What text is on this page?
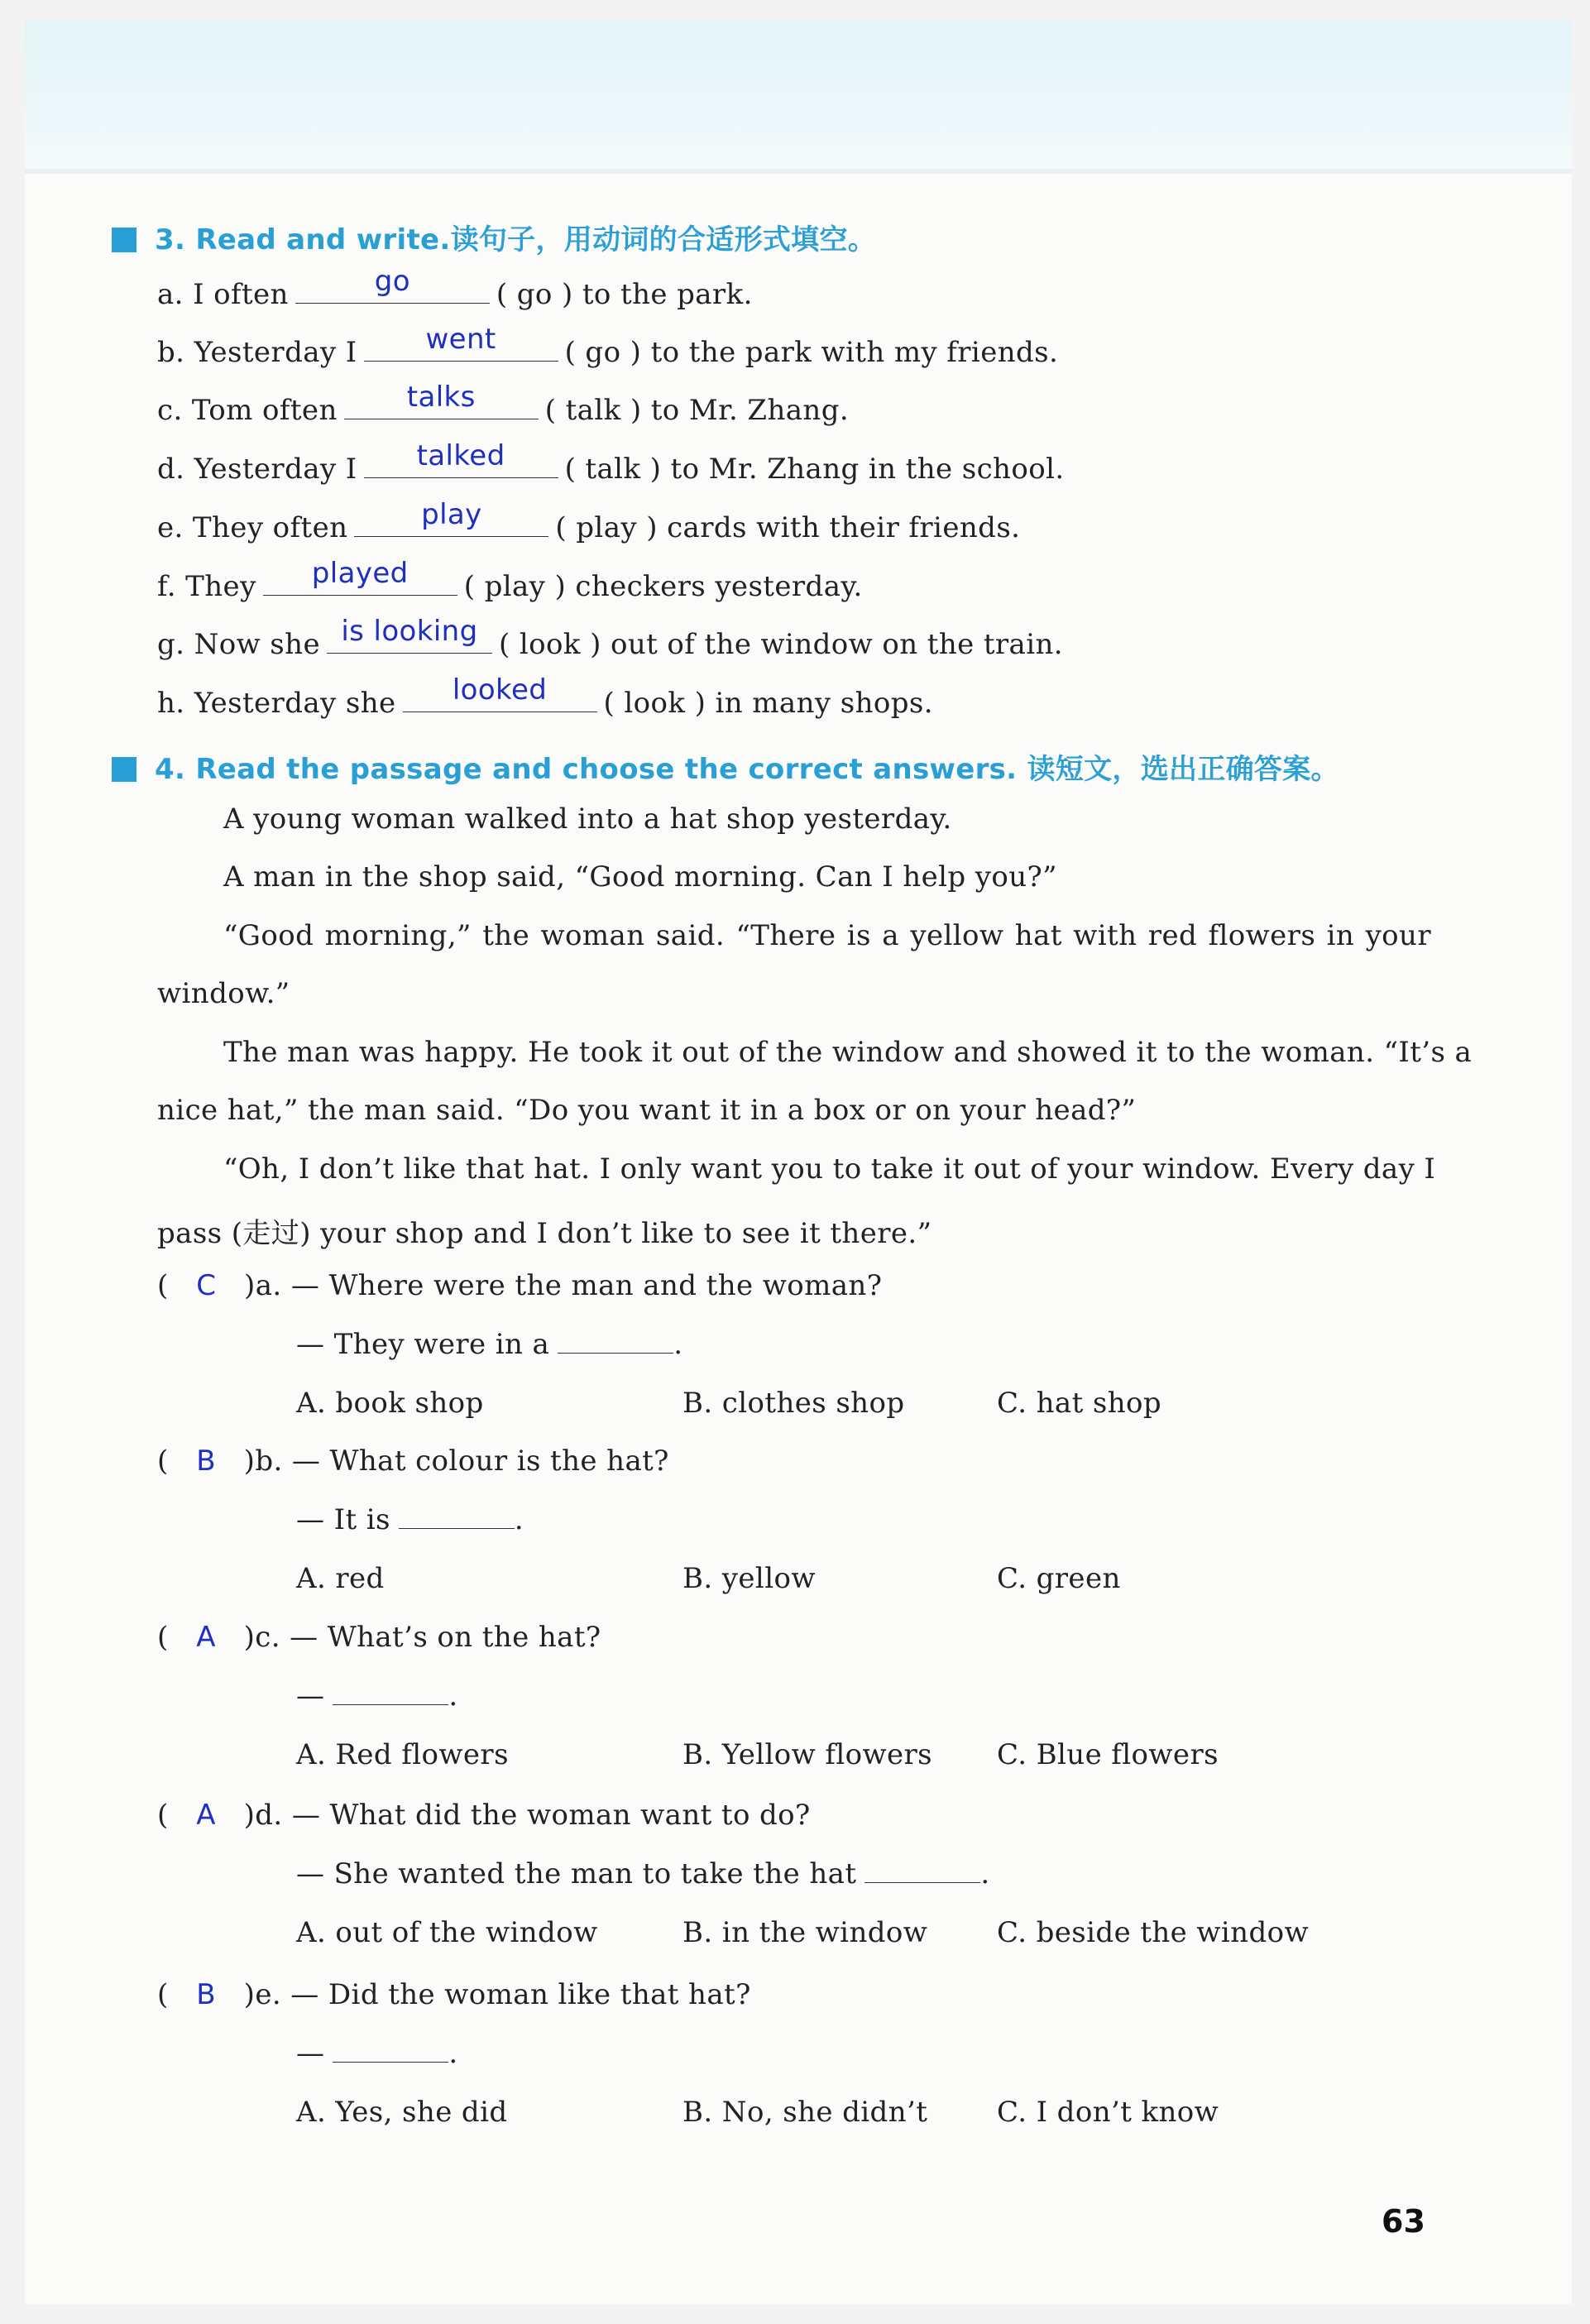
3. Read and write.读句子，用动词的合适形式填空。
a. I often	go	( go ) to the park.
b. Yesterday I	went	( go ) to the park with my friends.
c. Tom often	talks	( talk ) to Mr. Zhang.
d. Yesterday I	talked	( talk ) to Mr. Zhang in the school.
e. They often	play	( play ) cards with their friends.
f. They	played	( play ) checkers yesterday.
g. Now she is looking ( look ) out of the window on the train.
h. Yesterday she	looked	( look ) in many shops.
4. Read the passage and choose the correct answers. 读短文，选出正确答案。
A young woman walked into a hat shop yesterday.
A man in the shop said, “Good morning. Can I help you?”
“Good morning,” the woman said. “There is a yellow hat with red flowers in your
window.”
The man was happy. He took it out of the window and showed it to the woman. “It’s a
nice hat,” the man said. “Do you want it in a box or on your head?”
“Oh, I don’t like that hat. I only want you to take it out of your window. Every day I
pass (走过) your shop and I don’t like to see it there.”
(   C   )a. — Where were the man and the woman?
— They were in a	.
A. book shop	B. clothes shop	C. hat shop
(   B   )b. — What colour is the hat?
— It is	.
A. red	B. yellow	C. green
(   A   )c. — What’s on the hat?
—	.
A. Red flowers	B. Yellow flowers C. Blue flowers
(   A   )d. — What did the woman want to do?
— She wanted the man to take the hat	.
A. out of the window	B. in the window C. beside the window
(   B   )e. — Did the woman like that hat?
—	.
A. Yes, she did	B. No, she didn’t C. I don’t know
63
